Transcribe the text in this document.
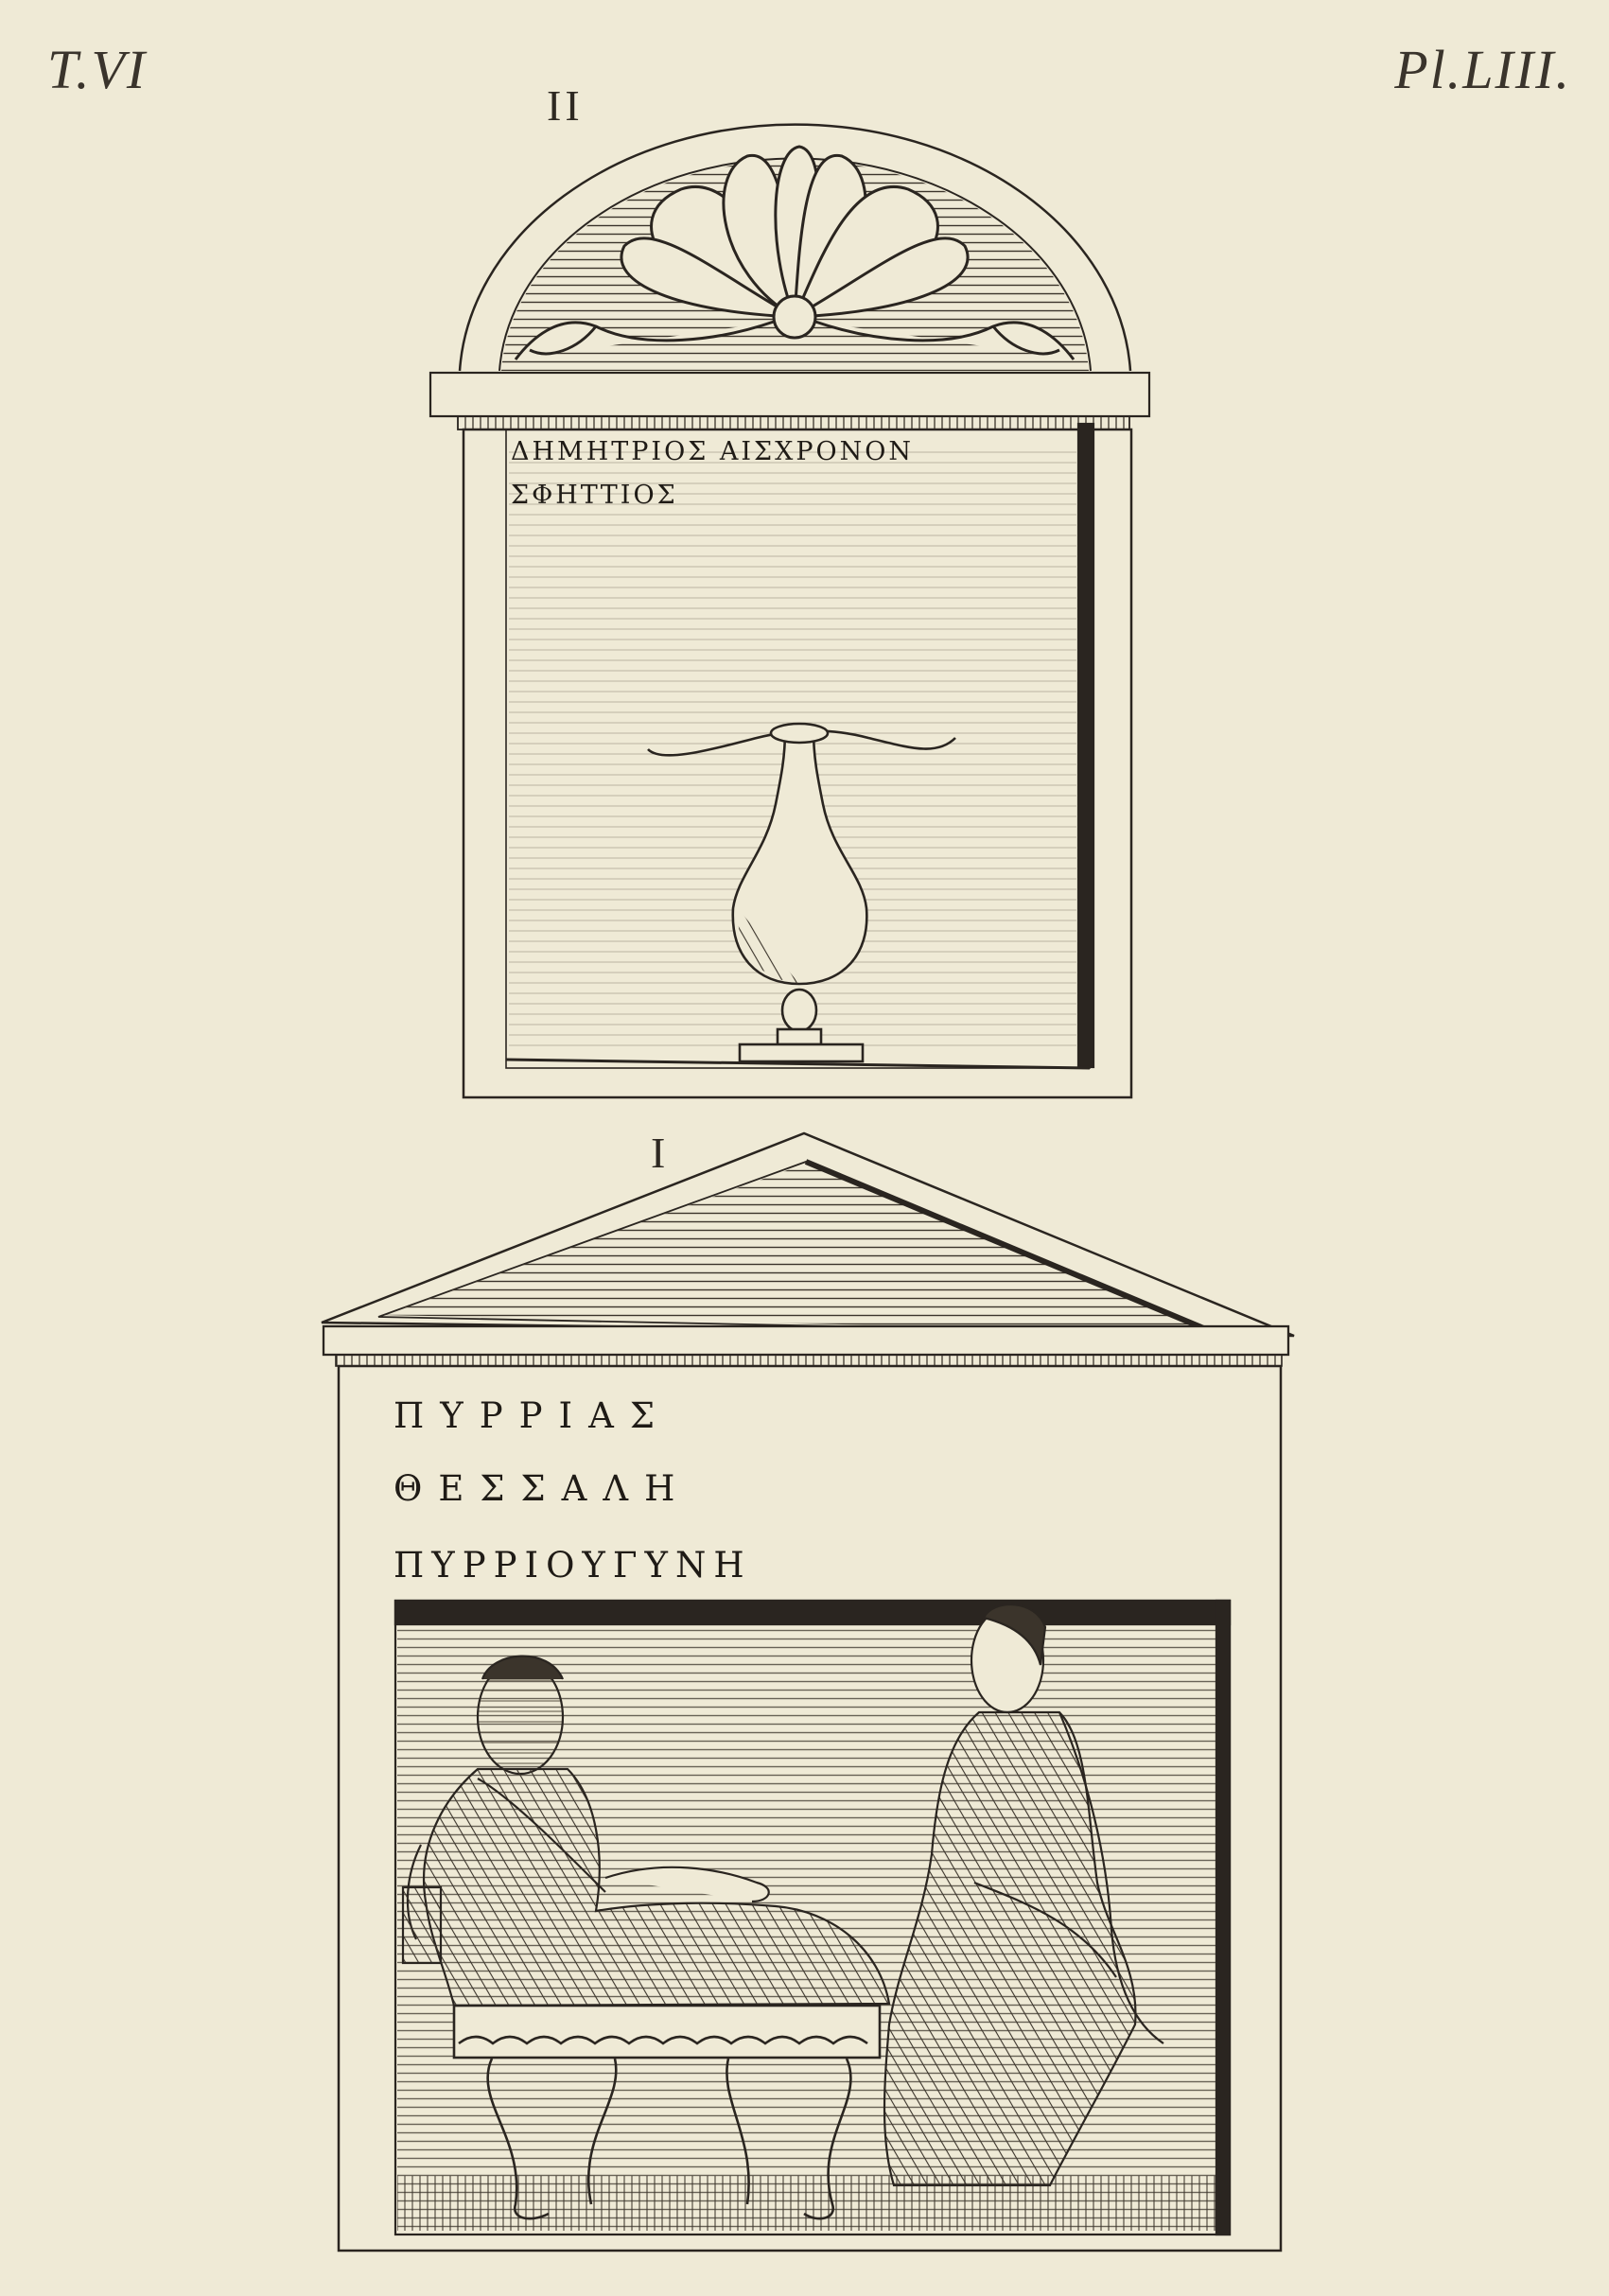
T.VI	Pl.LIII.
II
I
ΔΗΜΗΤΡΙΟΣ ΑΙΣΧΡΟΝΟΝ
ΣΦΗΤΤΙΟΣ
ΠΥΡΡΙΑΣ
ΘΕΣΣΑΛΗ
ΠΥΡΡΙΟΥΓΥΝΗ
